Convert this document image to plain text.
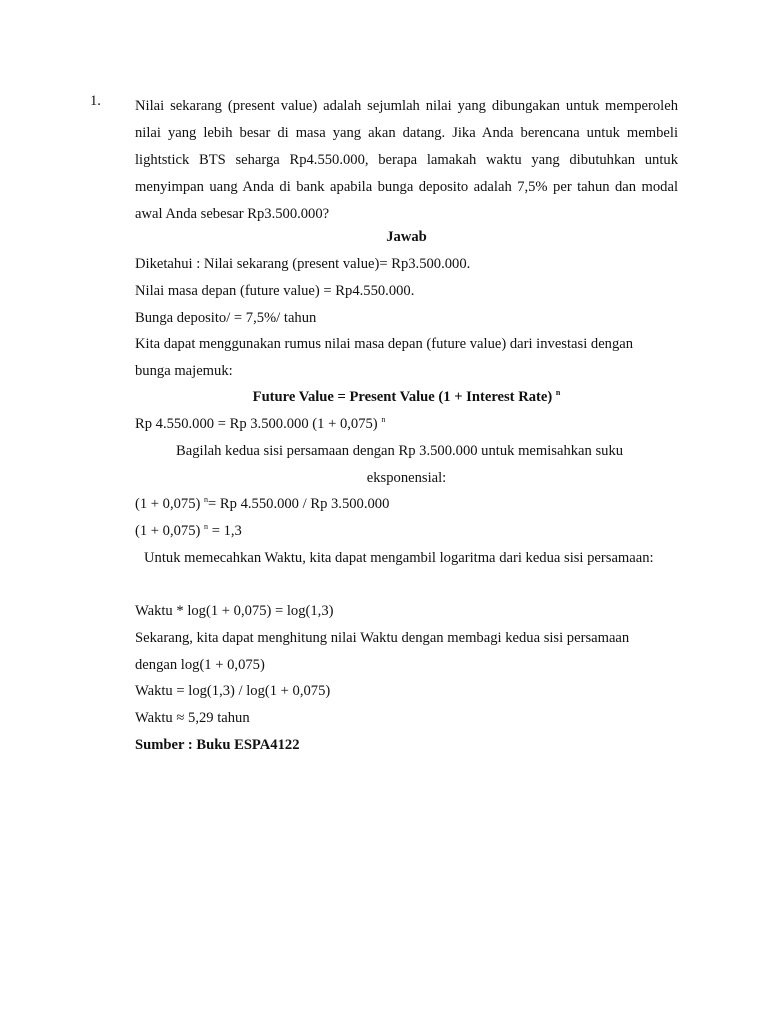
1. Nilai sekarang (present value) adalah sejumlah nilai yang dibungakan untuk memperoleh nilai yang lebih besar di masa yang akan datang. Jika Anda berencana untuk membeli lightstick BTS seharga Rp4.550.000, berapa lamakah waktu yang dibutuhkan untuk menyimpan uang Anda di bank apabila bunga deposito adalah 7,5% per tahun dan modal awal Anda sebesar Rp3.500.000?
Jawab
Diketahui : Nilai sekarang (present value)= Rp3.500.000.
Nilai masa depan (future value) = Rp4.550.000.
Bunga deposito/ = 7,5%/ tahun
Kita dapat menggunakan rumus nilai masa depan (future value) dari investasi dengan
bunga majemuk:
Future Value = Present Value (1 + Interest Rate) $^n$
Rp 4.550.000 = Rp 3.500.000 (1 + 0,075) $^n$
Bagilah kedua sisi persamaan dengan Rp 3.500.000 untuk memisahkan suku
eksponensial:
(1 + 0,075) $^n$= Rp 4.550.000 / Rp 3.500.000
(1 + 0,075) $^n$ = 1,3
Untuk memecahkan Waktu, kita dapat mengambil logaritma dari kedua sisi persamaan:
Waktu * log(1 + 0,075) = log(1,3)
Sekarang, kita dapat menghitung nilai Waktu dengan membagi kedua sisi persamaan
dengan log(1 + 0,075)
Waktu = log(1,3) / log(1 + 0,075)
Waktu ≈ 5,29 tahun
Sumber : Buku ESPA4122
